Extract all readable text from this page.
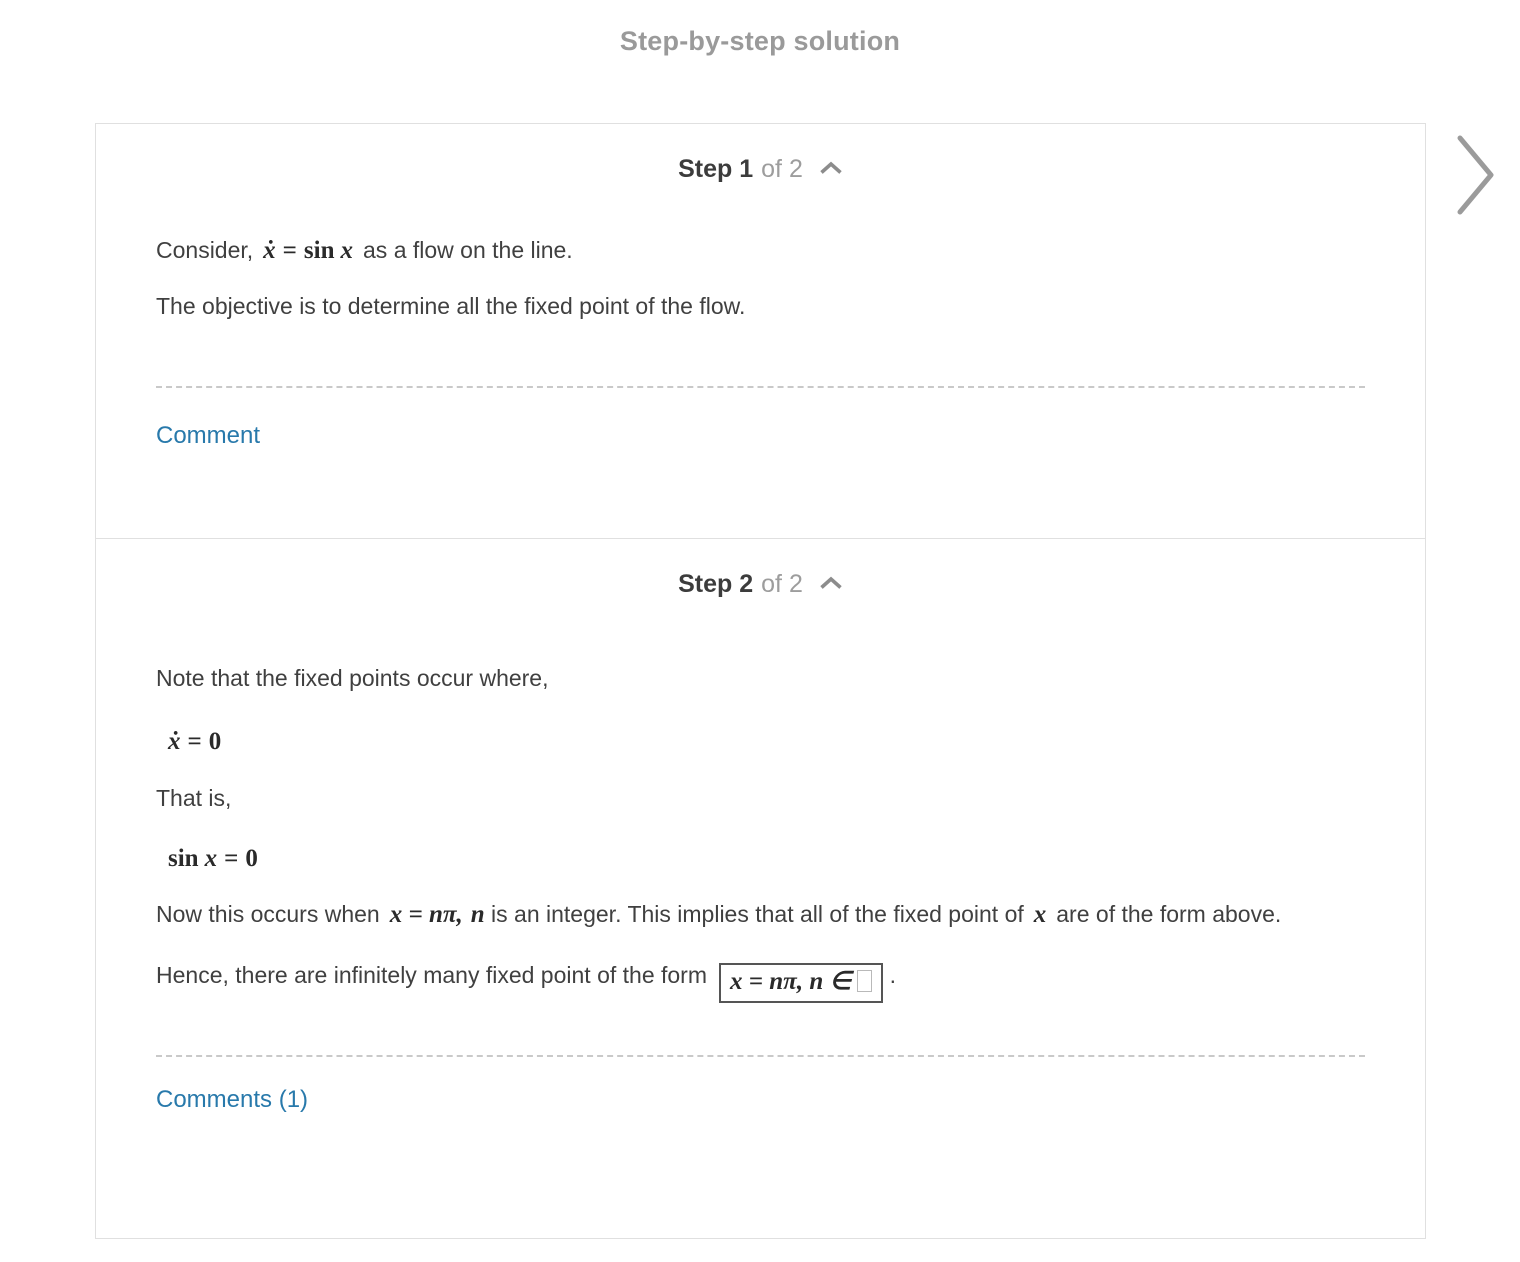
Step-by-step solution
Step 1 of 2

Consider, ẋ = sin x as a flow on the line.

The objective is to determine all the fixed point of the flow.

Comment
Step 2 of 2

Note that the fixed points occur where,

ẋ = 0

That is,

sin x = 0

Now this occurs when x = nπ, n is an integer. This implies that all of the fixed point of x are of the form above.

Hence, there are infinitely many fixed point of the form x = nπ, n ∈ .

Comments (1)
